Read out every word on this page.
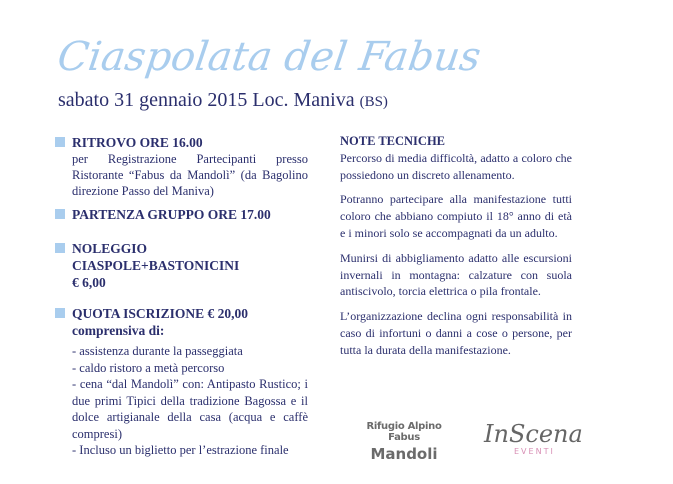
Ciaspolata del Fabus
sabato 31 gennaio 2015 Loc. Maniva (BS)
RITROVO ORE 16.00
per Registrazione Partecipanti presso Ristorante “Fabus da Mandolì” (da Bagolino direzione Passo del Maniva)
PARTENZA GRUPPO ORE 17.00
NOLEGGIO CIASPOLE+BASTONICINI
€ 6,00
QUOTA ISCRIZIONE € 20,00
comprensiva di:
- assistenza durante la passeggiata
- caldo ristoro a metà percorso
- cena “dal Mandolì” con: Antipasto Rustico; i due primi Tipici della tradizione Bagossa e il dolce artigianale della casa (acqua e caffè compresi)
- Incluso un biglietto per l’estrazione finale

NOTE TECNICHE

Percorso di media difficoltà, adatto a coloro che possiedono un discreto allenamento.

Potranno partecipare alla manifestazione tutti coloro che abbiano compiuto il 18° anno di età e i minori solo se accompagnati da un adulto.

Munirsi di abbigliamento adatto alle escursioni invernali in montagna: calzature con suola antiscivolo, torcia elettrica o pila frontale.

L’organizzazione declina ogni responsabilità in caso di infortuni o danni a cose o persone, per tutta la durata della manifestazione.

Rifugio Alpino Fabus
Mandoli
InScena
EVENTI
